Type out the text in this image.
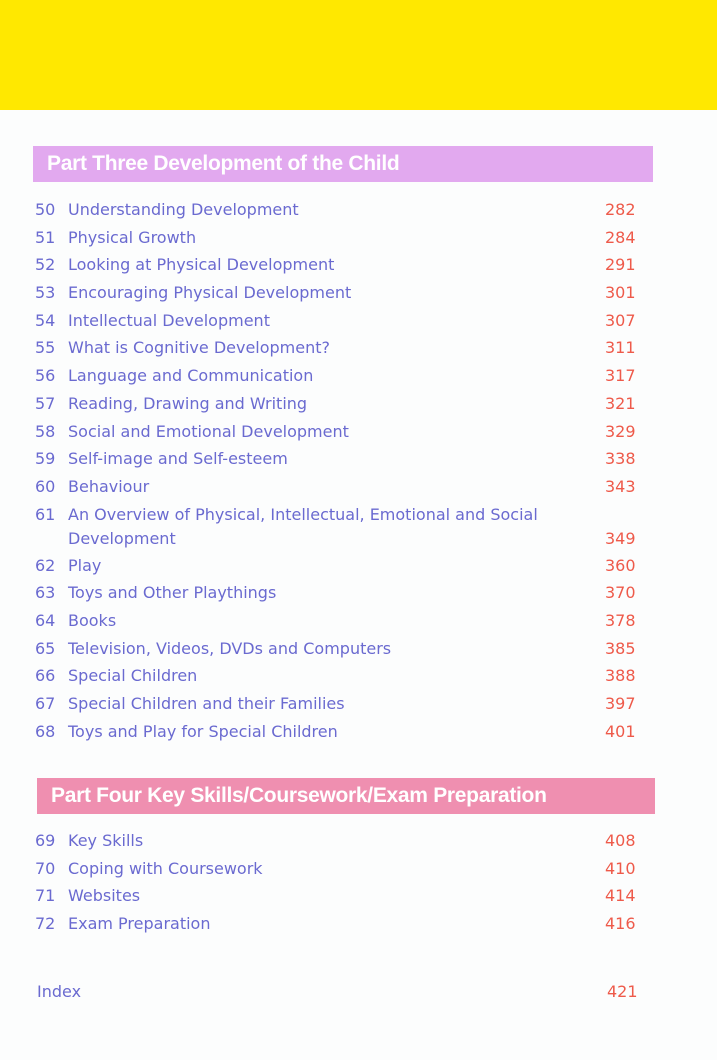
Part Three Development of the Child
50 Understanding Development	282
51 Physical Growth	284
52 Looking at Physical Development	291
53 Encouraging Physical Development	301
54 Intellectual Development	307
55 What is Cognitive Development?	311
56 Language and Communication	317
57 Reading, Drawing and Writing	321
58 Social and Emotional Development	329
59 Self-image and Self-esteem	338
60 Behaviour	343
61 An Overview of Physical, Intellectual, Emotional and Social Development	349
62 Play	360
63 Toys and Other Playthings	370
64 Books	378
65 Television, Videos, DVDs and Computers	385
66 Special Children	388
67 Special Children and their Families	397
68 Toys and Play for Special Children	401
Part Four Key Skills/Coursework/Exam Preparation
69 Key Skills	408
70 Coping with Coursework	410
71 Websites	414
72 Exam Preparation	416
Index	421
